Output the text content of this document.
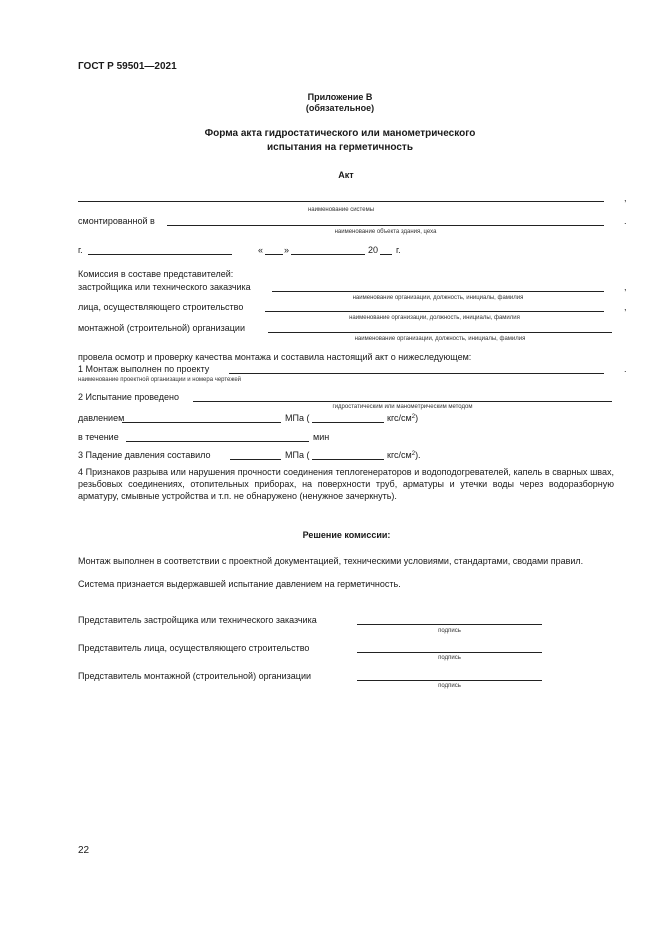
ГОСТ Р 59501—2021
Приложение В
(обязательное)
Форма акта гидростатического или манометрического
испытания на герметичность
Акт
,
наименование системы
смонтированной в	.
наименование объекта здания, цеха
г.	« »	20 г.
Комиссия в составе представителей:
застройщика или технического заказчика	,
наименование организации, должность, инициалы, фамилия
лица, осуществляющего строительство	,
наименование организации, должность, инициалы, фамилия
монтажной (строительной) организации
наименование организации, должность, инициалы, фамилия
провела осмотр и проверку качества монтажа и составила настоящий акт о нижеследующем:
1 Монтаж выполнен по проекту	.
наименование проектной организации и номера чертежей
2 Испытание проведено
гидростатическим или манометрическим методом
давлением	МПа (	кгс/$см^2$)
в течение	мин
3 Падение давления составило	МПа (	кгс/$см^2$).
4 Признаков разрыва или нарушения прочности соединения теплогенераторов и водоподогревателей, капель в сварных швах, резьбовых соединениях, отопительных приборах, на поверхности труб, арматуры и утечки воды через водоразборную арматуру, смывные устройства и т.п. не обнаружено (ненужное зачеркнуть).
Решение комиссии:
Монтаж выполнен в соответствии с проектной документацией, техническими условиями, стандартами, сводами правил.
Система признается выдержавшей испытание давлением на герметичность.
Представитель застройщика или технического заказчика
подпись
Представитель лица, осуществляющего строительство
подпись
Представитель монтажной (строительной) организации
подпись
22
